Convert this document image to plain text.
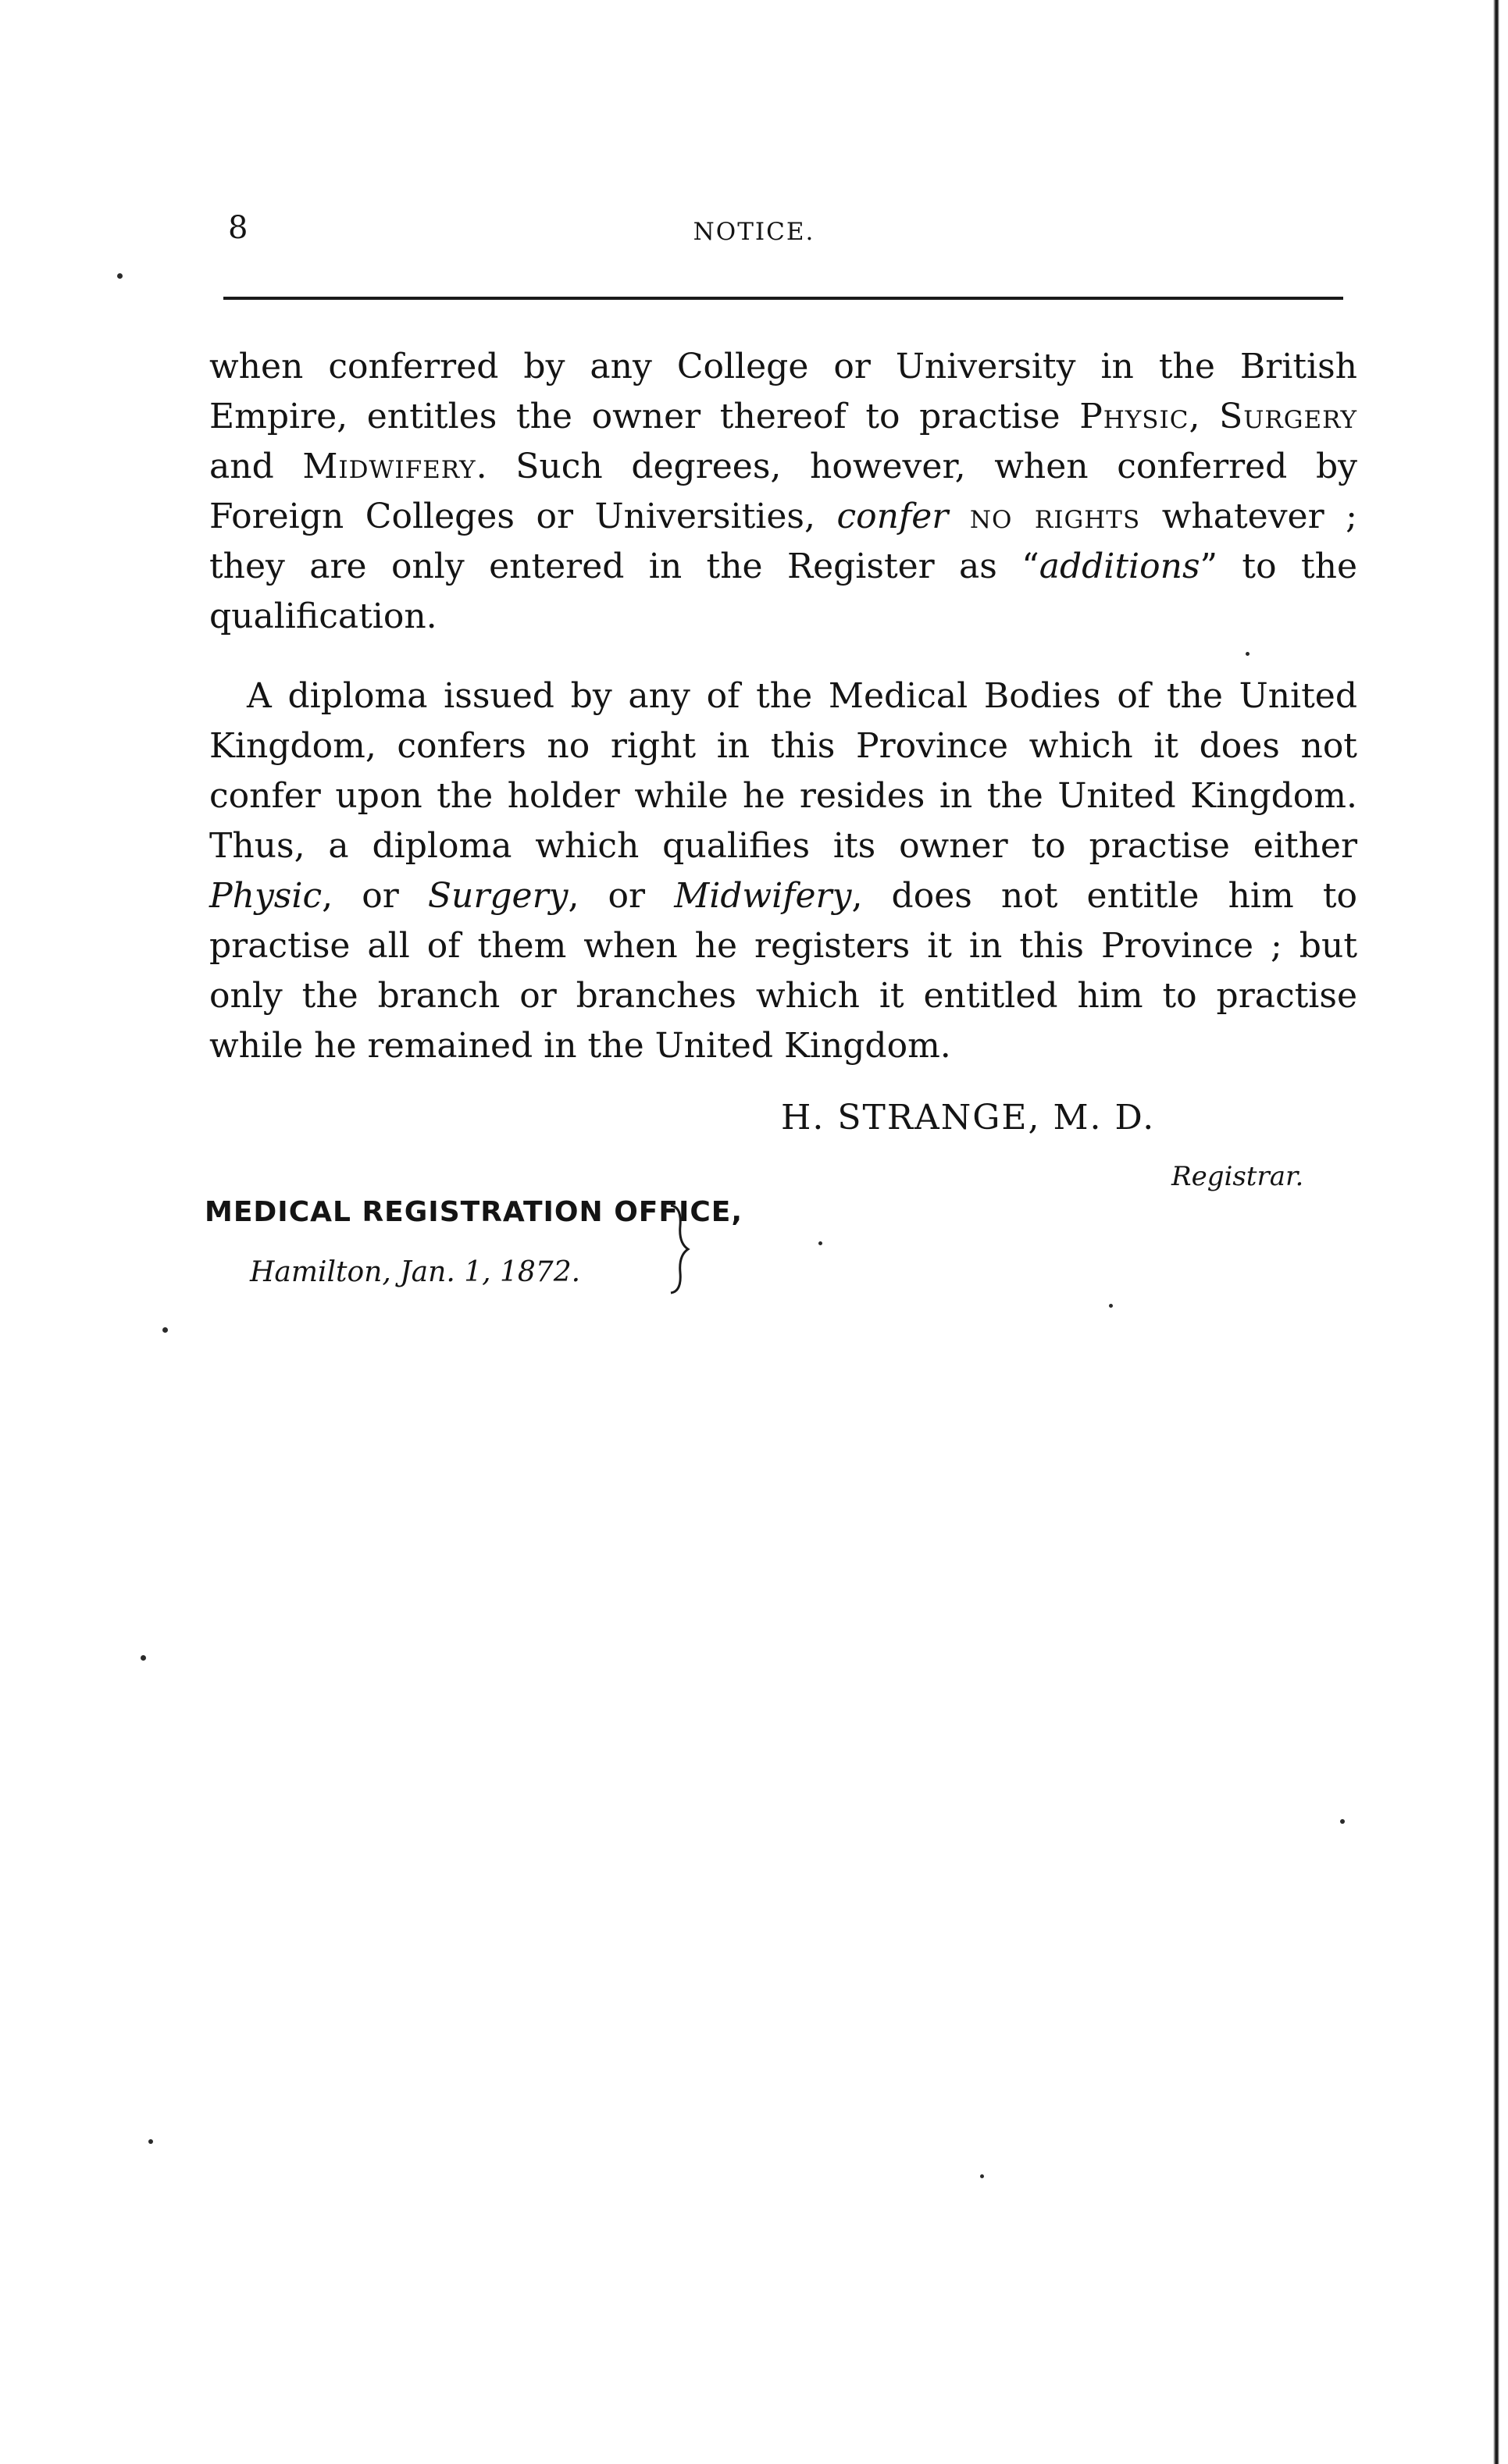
8	NOTICE.
when conferred by any College or University in the British
Empire, entitles the owner thereof to practise Physic, Surgery
and Midwifery. Such degrees, however, when conferred by
Foreign Colleges or Universities, confer no rights whatever ;
they are only entered in the Register as “additions” to the
qualification.
A diploma issued by any of the Medical Bodies of the United
Kingdom, confers no right in this Province which it does not
confer upon the holder while he resides in the United Kingdom.
Thus, a diploma which qualifies its owner to practise either
Physic, or Surgery, or Midwifery, does not entitle him to
practise all of them when he registers it in this Province ; but
only the branch or branches which it entitled him to practise
while he remained in the United Kingdom.
H. STRANGE, M. D.
Registrar.
MEDICAL REGISTRATION OFFICE,
Hamilton, Jan. 1, 1872.
